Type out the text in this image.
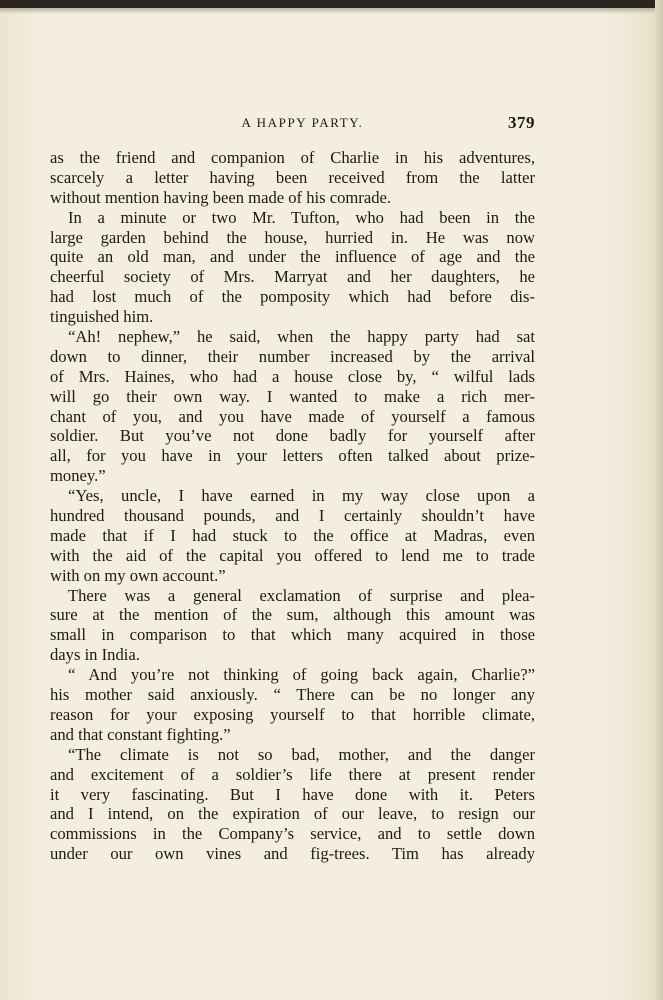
A HAPPY PARTY.	379
as the friend and companion of Charlie in his adventures,
scarcely a letter having been received from the latter
without mention having been made of his comrade.
In a minute or two Mr. Tufton, who had been in the
large garden behind the house, hurried in. He was now
quite an old man, and under the influence of age and the
cheerful society of Mrs. Marryat and her daughters, he
had lost much of the pomposity which had before dis-
tinguished him.
“Ah! nephew,” he said, when the happy party had sat
down to dinner, their number increased by the arrival
of Mrs. Haines, who had a house close by, “ wilful lads
will go their own way. I wanted to make a rich mer-
chant of you, and you have made of yourself a famous
soldier. But you’ve not done badly for yourself after
all, for you have in your letters often talked about prize-
money.”
“Yes, uncle, I have earned in my way close upon a
hundred thousand pounds, and I certainly shouldn’t have
made that if I had stuck to the office at Madras, even
with the aid of the capital you offered to lend me to trade
with on my own account.”
There was a general exclamation of surprise and plea-
sure at the mention of the sum, although this amount was
small in comparison to that which many acquired in those
days in India.
“ And you’re not thinking of going back again, Charlie?”
his mother said anxiously. “ There can be no longer any
reason for your exposing yourself to that horrible climate,
and that constant fighting.”
“The climate is not so bad, mother, and the danger
and excitement of a soldier’s life there at present render
it very fascinating. But I have done with it. Peters
and I intend, on the expiration of our leave, to resign our
commissions in the Company’s service, and to settle down
under our own vines and fig-trees. Tim has already
